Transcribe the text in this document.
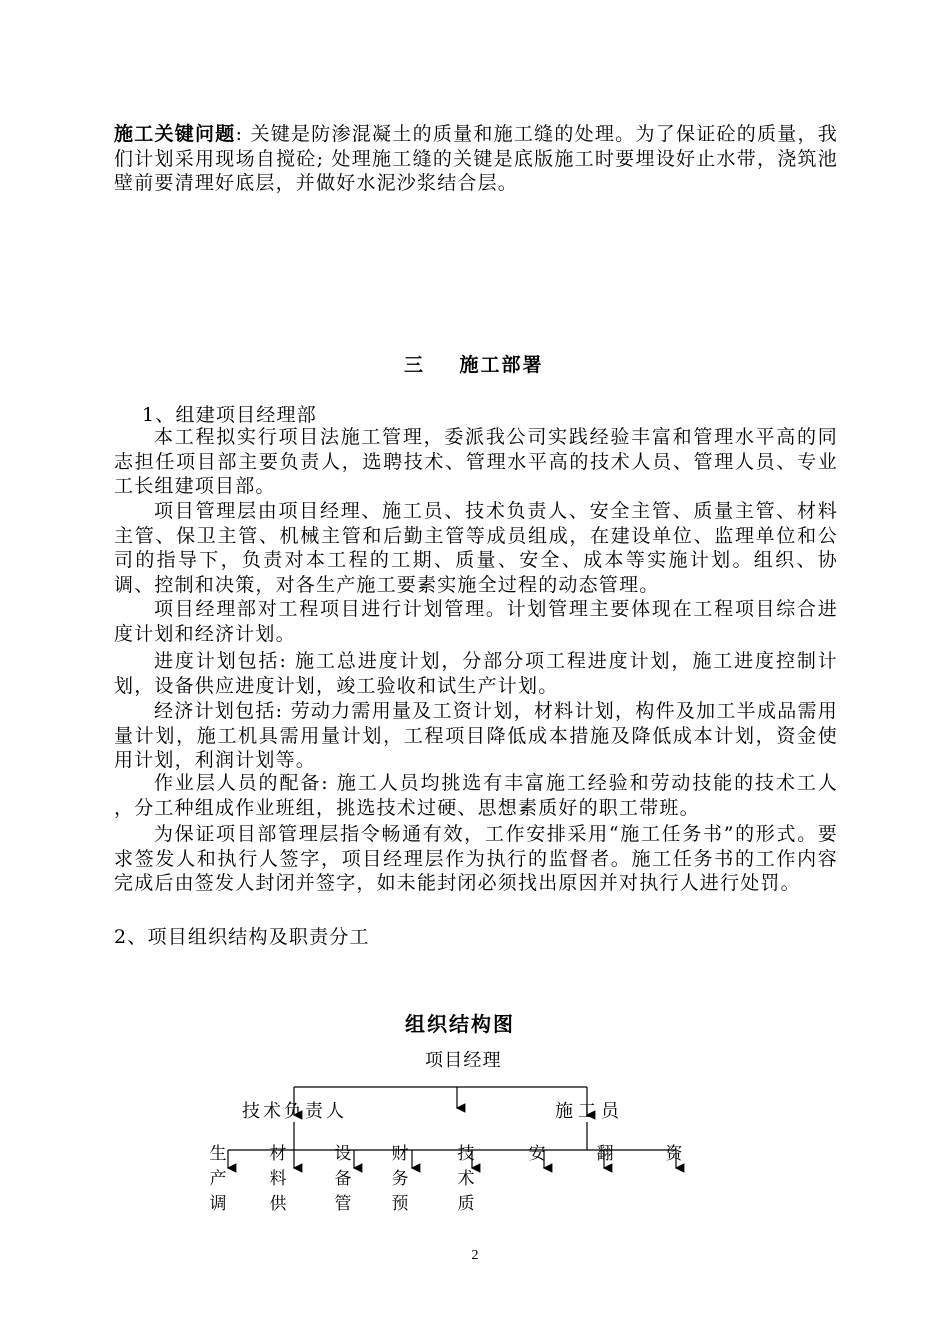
施工关键问题: 关键是防渗混凝土的质量和施工缝的处理。为了保证砼的质量，我们计划采用现场自搅砼; 处理施工缝的关键是底版施工时要埋设好止水带，浇筑池壁前要清理好底层，并做好水泥沙浆结合层。

三    施工部署
1、组建项目经理部

本工程拟实行项目法施工管理，委派我公司实践经验丰富和管理水平高的同志担任项目部主要负责人，选聘技术、管理水平高的技术人员、管理人员、专业工长组建项目部。

项目管理层由项目经理、施工员、技术负责人、安全主管、质量主管、材料主管、保卫主管、机械主管和后勤主管等成员组成，在建设单位、监理单位和公司的指导下，负责对本工程的工期、质量、安全、成本等实施计划。组织、协调、控制和决策，对各生产施工要素实施全过程的动态管理。

项目经理部对工程项目进行计划管理。计划管理主要体现在工程项目综合进度计划和经济计划。

进度计划包括: 施工总进度计划，分部分项工程进度计划，施工进度控制计划，设备供应进度计划，竣工验收和试生产计划。

经济计划包括: 劳动力需用量及工资计划，材料计划，构件及加工半成品需用量计划，施工机具需用量计划，工程项目降低成本措施及降低成本计划，资金使用计划，利润计划等。

作业层人员的配备: 施工人员均挑选有丰富施工经验和劳动技能的技术工人 ，分工种组成作业班组，挑选技术过硬、思想素质好的职工带班。

为保证项目部管理层指令畅通有效，工作安排采用“施工任务书”的形式。要求签发人和执行人签字，项目经理层作为执行的监督者。施工任务书的工作内容完成后由签发人封闭并签字，如未能封闭必须找出原因并对执行人进行处罚。

2、项目组织结构及职责分工
组织结构图
项目经理
技术负责人	施工员
生
产
调
材
料
供
设
备
管
财
务
预
技
术
质
安	翻	资
2
